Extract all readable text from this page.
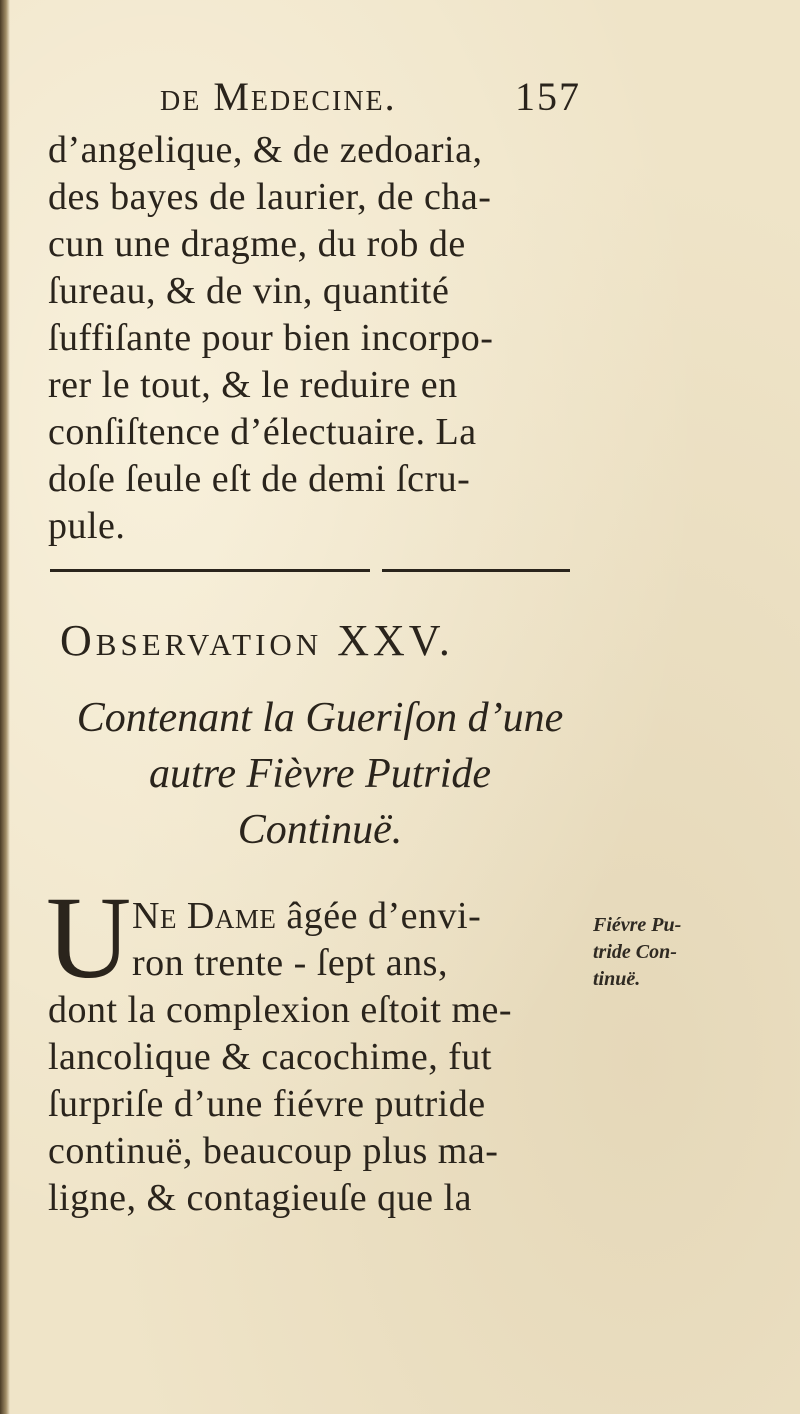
de Medecine.	157
d’angelique, & de zedoaria,
des bayes de laurier, de cha-
cun une dragme, du rob de
ſureau, & de vin, quantité
ſuffiſante pour bien incorpo-
rer le tout, & le reduire en
conſiſtence d’électuaire. La
doſe ſeule eſt de demi ſcru-
pule.
Observation XXV.
Contenant la Gueriſon d’une
autre Fièvre Putride
Continuë.
U Ne Dame âgée d’envi-
ron trente - ſept ans,
dont la complexion eſtoit me-
lancolique & cacochime, fut
ſurpriſe d’une fiévre putride
continuë, beaucoup plus ma-
ligne, & contagieuſe que la
Fiévre Pu-
tride Con-
tinuë.
